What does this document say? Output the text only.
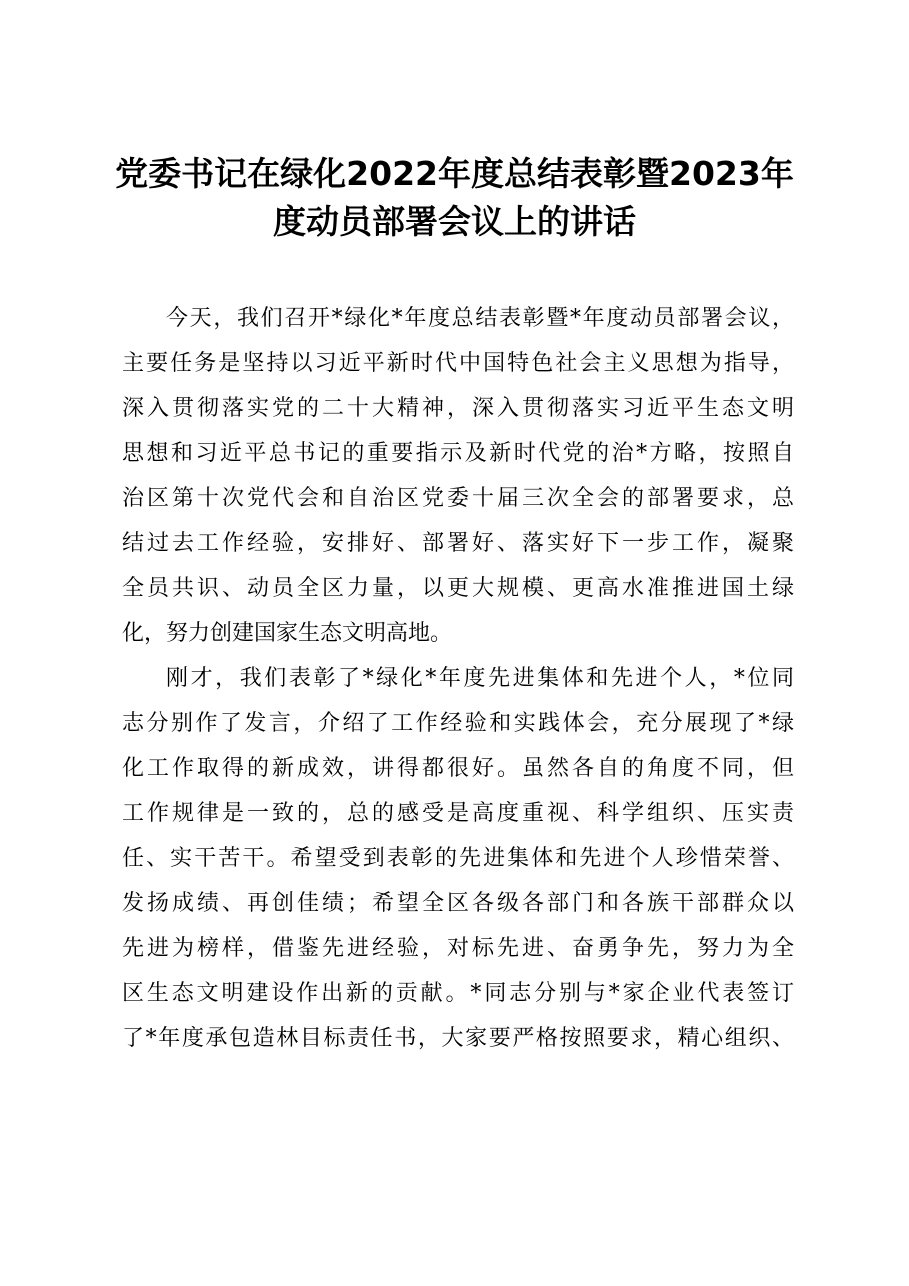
党委书记在绿化2022年度总结表彰暨2023年
度动员部署会议上的讲话

今天，我们召开*绿化*年度总结表彰暨*年度动员部署会议，
主要任务是坚持以习近平新时代中国特色社会主义思想为指导，
深入贯彻落实党的二十大精神，深入贯彻落实习近平生态文明
思想和习近平总书记的重要指示及新时代党的治*方略，按照自
治区第十次党代会和自治区党委十届三次全会的部署要求，总
结过去工作经验，安排好、部署好、落实好下一步工作，凝聚
全员共识、动员全区力量，以更大规模、更高水准推进国土绿
化，努力创建国家生态文明高地。

刚才，我们表彰了*绿化*年度先进集体和先进个人，*位同
志分别作了发言，介绍了工作经验和实践体会，充分展现了*绿
化工作取得的新成效，讲得都很好。虽然各自的角度不同，但
工作规律是一致的，总的感受是高度重视、科学组织、压实责
任、实干苦干。希望受到表彰的先进集体和先进个人珍惜荣誉、
发扬成绩、再创佳绩；希望全区各级各部门和各族干部群众以
先进为榜样，借鉴先进经验，对标先进、奋勇争先，努力为全
区生态文明建设作出新的贡献。*同志分别与*家企业代表签订
了*年度承包造林目标责任书，大家要严格按照要求，精心组织、
